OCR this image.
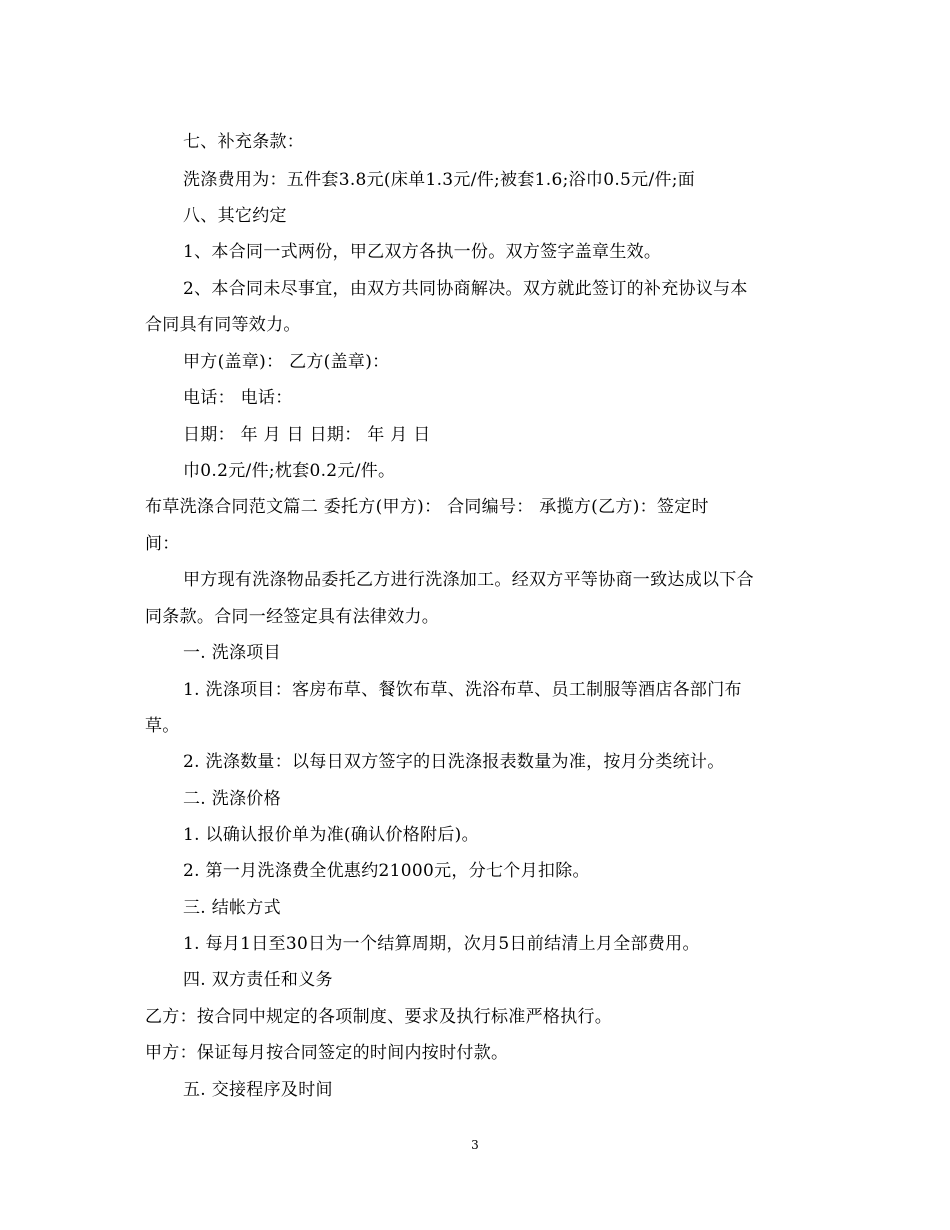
七、补充条款：
洗涤费用为：五件套3.8元(床单1.3元/件;被套1.6;浴巾0.5元/件;面
八、其它约定
1、本合同一式两份，甲乙双方各执一份。双方签字盖章生效。
2、本合同未尽事宜，由双方共同协商解决。双方就此签订的补充协议与本
合同具有同等效力。
甲方(盖章)： 乙方(盖章)：
电话： 电话：
日期： 年 月 日 日期： 年 月 日
巾0.2元/件;枕套0.2元/件。
布草洗涤合同范文篇二 委托方(甲方)： 合同编号： 承揽方(乙方)：签定时
间：
甲方现有洗涤物品委托乙方进行洗涤加工。经双方平等协商一致达成以下合
同条款。合同一经签定具有法律效力。
一. 洗涤项目
1. 洗涤项目：客房布草、餐饮布草、洗浴布草、员工制服等酒店各部门布
草。
2. 洗涤数量：以每日双方签字的日洗涤报表数量为准，按月分类统计。
二. 洗涤价格
1. 以确认报价单为准(确认价格附后)。
2. 第一月洗涤费全优惠约21000元，分七个月扣除。
三. 结帐方式
1. 每月1日至30日为一个结算周期，次月5日前结清上月全部费用。
四. 双方责任和义务
乙方：按合同中规定的各项制度、要求及执行标准严格执行。
甲方：保证每月按合同签定的时间内按时付款。
五. 交接程序及时间
3
